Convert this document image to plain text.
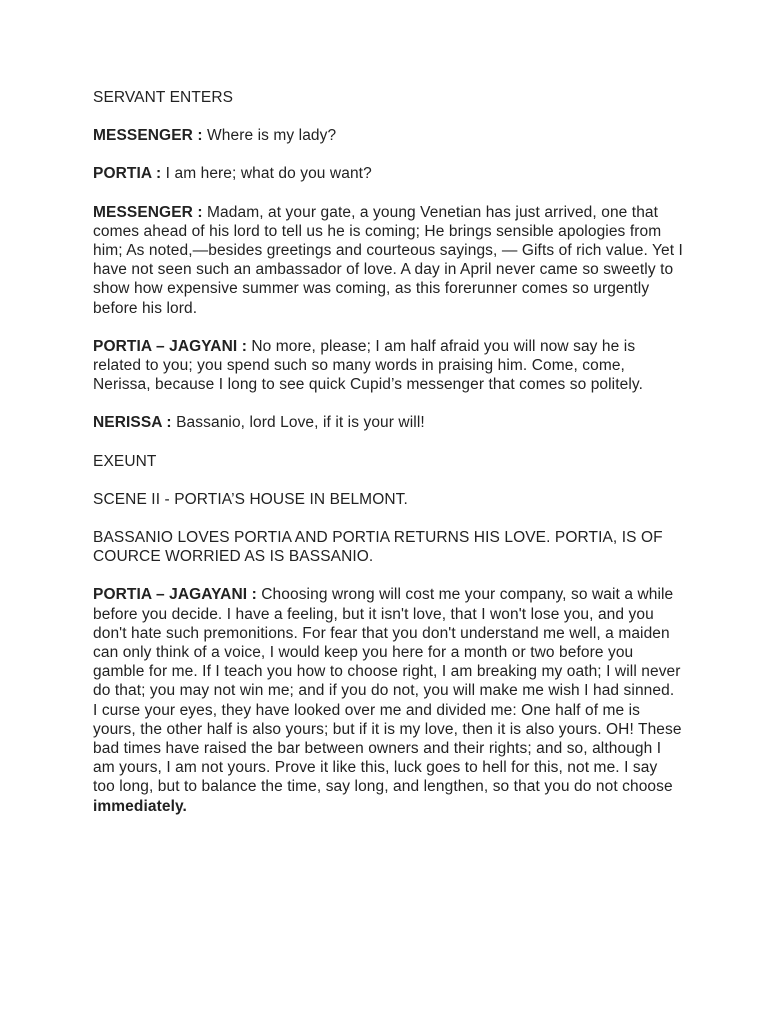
SERVANT ENTERS

MESSENGER : Where is my lady?

PORTIA : I am here; what do you want?

MESSENGER : Madam, at your gate, a young Venetian has just arrived, one that comes ahead of his lord to tell us he is coming; He brings sensible apologies from him; As noted,—besides greetings and courteous sayings, — Gifts of rich value. Yet I have not seen such an ambassador of love. A day in April never came so sweetly to show how expensive summer was coming, as this forerunner comes so urgently before his lord.

PORTIA – JAGYANI : No more, please; I am half afraid you will now say he is related to you; you spend such so many words in praising him. Come, come, Nerissa, because I long to see quick Cupid’s messenger that comes so politely.

NERISSA : Bassanio, lord Love, if it is your will!

EXEUNT

SCENE II - PORTIA’S HOUSE IN BELMONT.

BASSANIO LOVES PORTIA AND PORTIA RETURNS HIS LOVE. PORTIA, IS OF COURCE WORRIED AS IS BASSANIO.

PORTIA – JAGAYANI : Choosing wrong will cost me your company, so wait a while before you decide. I have a feeling, but it isn't love, that I won't lose you, and you don't hate such premonitions. For fear that you don't understand me well, a maiden can only think of a voice, I would keep you here for a month or two before you gamble for me. If I teach you how to choose right, I am breaking my oath; I will never do that; you may not win me; and if you do not, you will make me wish I had sinned. I curse your eyes, they have looked over me and divided me: One half of me is yours, the other half is also yours; but if it is my love, then it is also yours. OH! These bad times have raised the bar between owners and their rights; and so, although I am yours, I am not yours. Prove it like this, luck goes to hell for this, not me. I say too long, but to balance the time, say long, and lengthen, so that you do not choose immediately.
